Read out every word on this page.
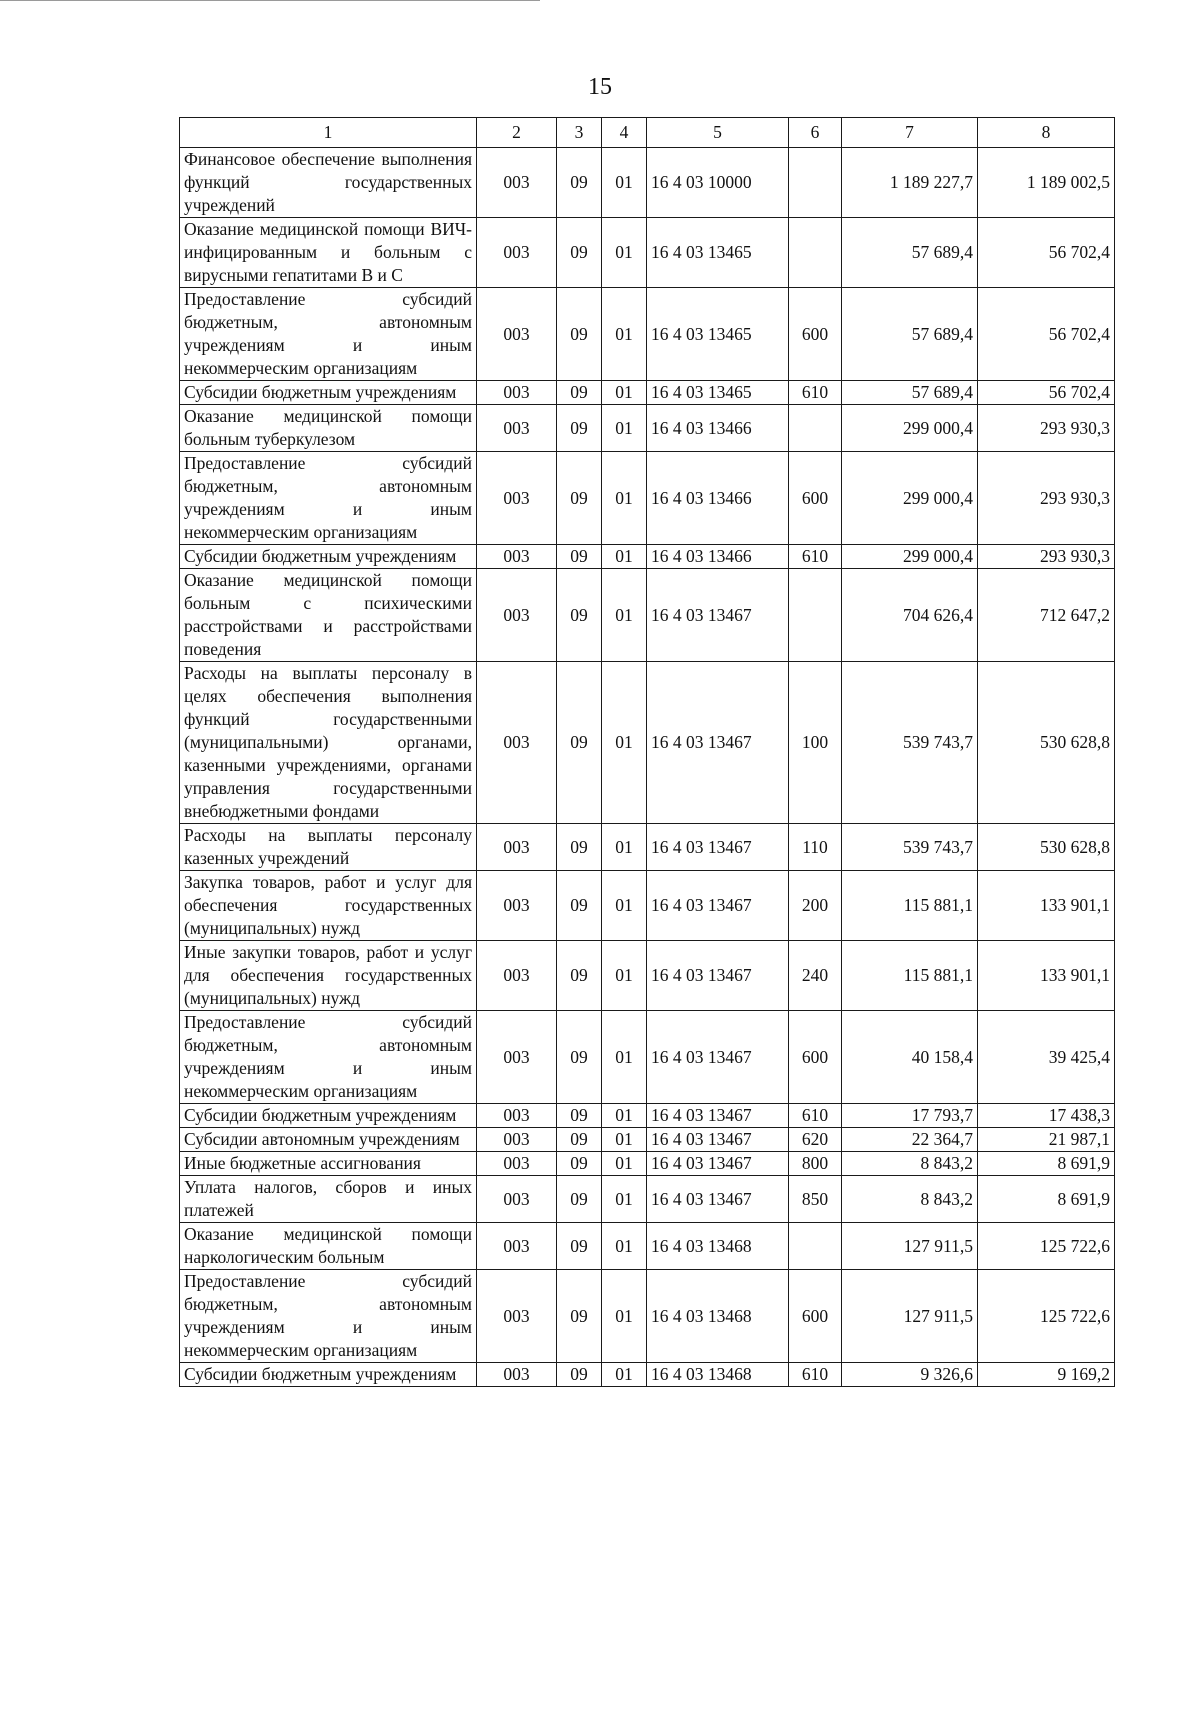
15
1	2	3	4	5	6	7	8
Финансовое обеспечение выполнения функций государственных учреждений	003	09	01	16 4 03 10000		1 189 227,7	1 189 002,5
Оказание медицинской помощи ВИЧ-инфицированным и больным с вирусными гепатитами В и С	003	09	01	16 4 03 13465		57 689,4	56 702,4
Предоставление субсидий бюджетным, автономным учреждениям и иным некоммерческим организациям	003	09	01	16 4 03 13465	600	57 689,4	56 702,4
Субсидии бюджетным учреждениям	003	09	01	16 4 03 13465	610	57 689,4	56 702,4
Оказание медицинской помощи больным туберкулезом	003	09	01	16 4 03 13466		299 000,4	293 930,3
Предоставление субсидий бюджетным, автономным учреждениям и иным некоммерческим организациям	003	09	01	16 4 03 13466	600	299 000,4	293 930,3
Субсидии бюджетным учреждениям	003	09	01	16 4 03 13466	610	299 000,4	293 930,3
Оказание медицинской помощи больным с психическими расстройствами и расстройствами поведения	003	09	01	16 4 03 13467		704 626,4	712 647,2
Расходы на выплаты персоналу в целях обеспечения выполнения функций государственными (муниципальными) органами, казенными учреждениями, органами управления государственными внебюджетными фондами	003	09	01	16 4 03 13467	100	539 743,7	530 628,8
Расходы на выплаты персоналу казенных учреждений	003	09	01	16 4 03 13467	110	539 743,7	530 628,8
Закупка товаров, работ и услуг для обеспечения государственных (муниципальных) нужд	003	09	01	16 4 03 13467	200	115 881,1	133 901,1
Иные закупки товаров, работ и услуг для обеспечения государственных (муниципальных) нужд	003	09	01	16 4 03 13467	240	115 881,1	133 901,1
Предоставление субсидий бюджетным, автономным учреждениям и иным некоммерческим организациям	003	09	01	16 4 03 13467	600	40 158,4	39 425,4
Субсидии бюджетным учреждениям	003	09	01	16 4 03 13467	610	17 793,7	17 438,3
Субсидии автономным учреждениям	003	09	01	16 4 03 13467	620	22 364,7	21 987,1
Иные бюджетные ассигнования	003	09	01	16 4 03 13467	800	8 843,2	8 691,9
Уплата налогов, сборов и иных платежей	003	09	01	16 4 03 13467	850	8 843,2	8 691,9
Оказание медицинской помощи наркологическим больным	003	09	01	16 4 03 13468		127 911,5	125 722,6
Предоставление субсидий бюджетным, автономным учреждениям и иным некоммерческим организациям	003	09	01	16 4 03 13468	600	127 911,5	125 722,6
Субсидии бюджетным учреждениям	003	09	01	16 4 03 13468	610	9 326,6	9 169,2
